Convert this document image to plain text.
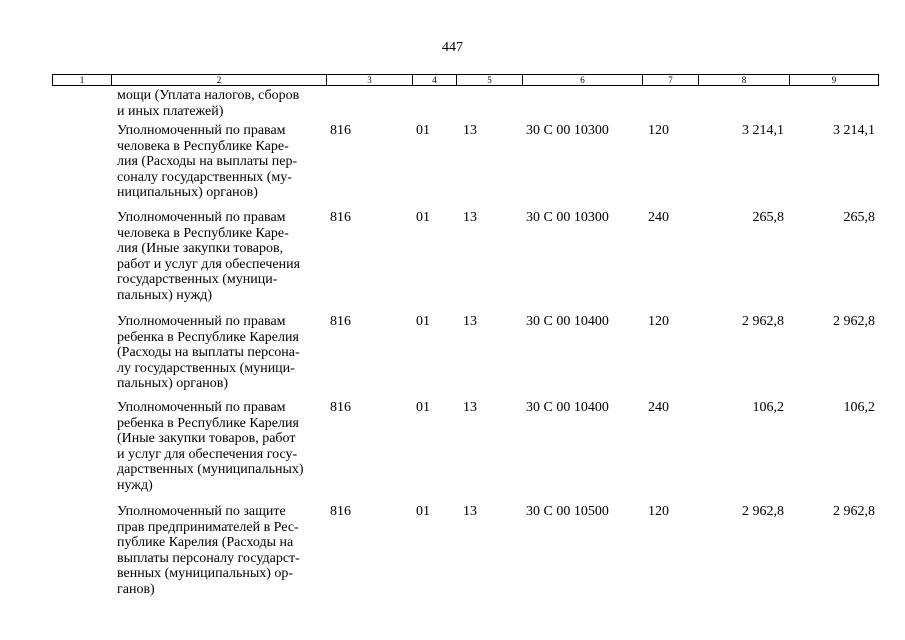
447
1	2	3	4	5	6	7	8	9
мощи (Уплата налогов, сборов
и иных платежей)
Уполномоченный по правам
человека в Республике Каре-
лия (Расходы на выплаты пер-
соналу государственных (му-
ниципальных) органов)
816	01 13	30 С 00 10300	120	3 214,1	3 214,1
Уполномоченный по правам
человека в Республике Каре-
лия (Иные закупки товаров,
работ и услуг для обеспечения
государственных (муници-
пальных) нужд)
816	01 13	30 С 00 10300	240	265,8	265,8
Уполномоченный по правам
ребенка в Республике Карелия
(Расходы на выплаты персона-
лу государственных (муници-
пальных) органов)
816	01 13	30 С 00 10400	120	2 962,8	2 962,8
Уполномоченный по правам
ребенка в Республике Карелия
(Иные закупки товаров, работ
и услуг для обеспечения госу-
дарственных (муниципальных)
нужд)
816	01 13	30 С 00 10400	240	106,2	106,2
Уполномоченный по защите
прав предпринимателей в Рес-
публике Карелия (Расходы на
выплаты персоналу государст-
венных (муниципальных) ор-
ганов)
816	01 13	30 С 00 10500	120	2 962,8	2 962,8
